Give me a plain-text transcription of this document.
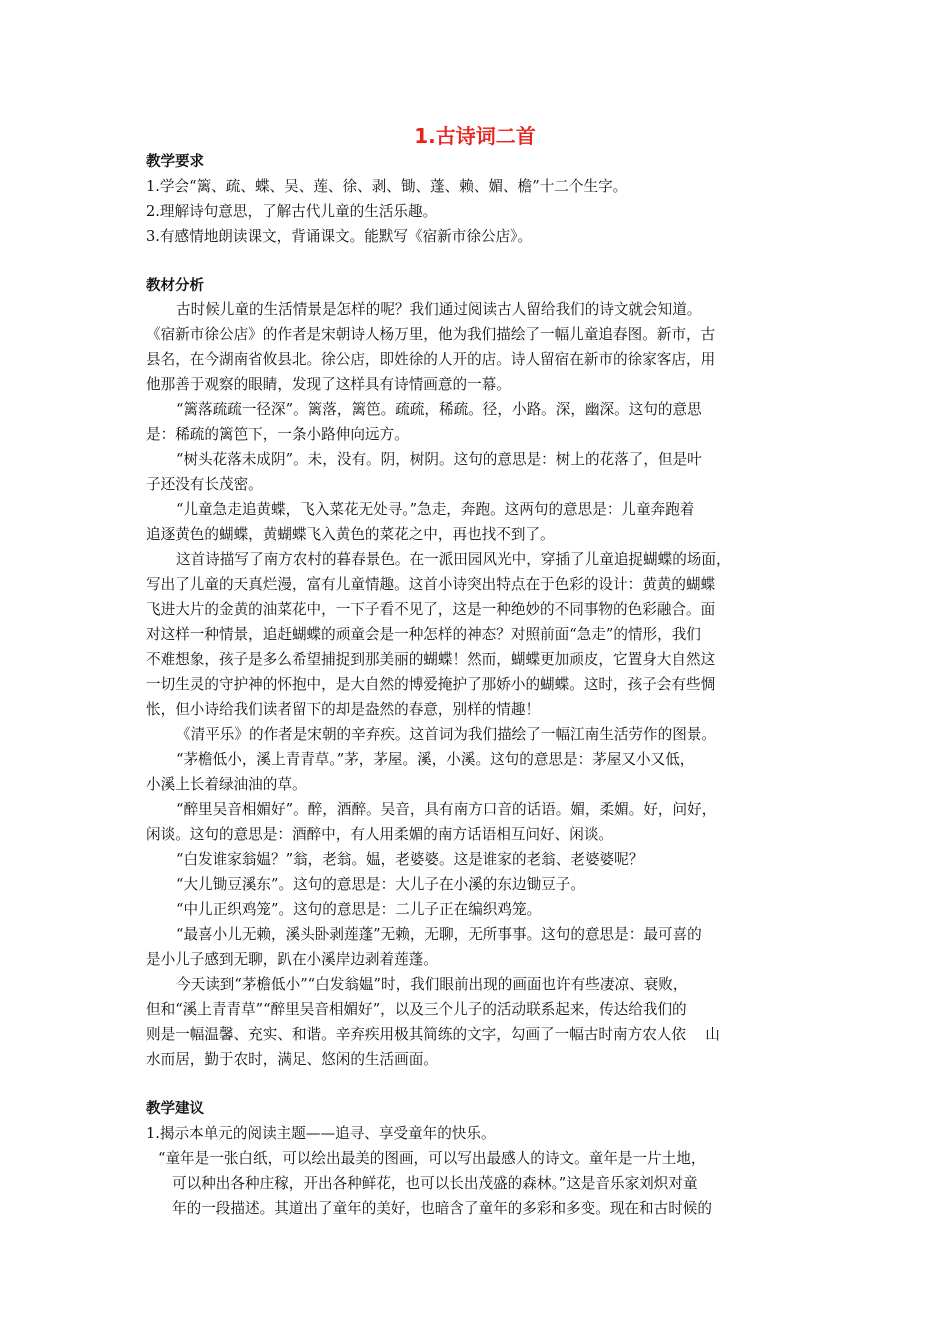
1.古诗词二首
教学要求
1.学会“篱、疏、蝶、吴、莲、徐、剥、锄、蓬、赖、媚、檐”十二个生字。
2.理解诗句意思，了解古代儿童的生活乐趣。
3.有感情地朗读课文，背诵课文。能默写《宿新市徐公店》。
教材分析
古时候儿童的生活情景是怎样的呢？我们通过阅读古人留给我们的诗文就会知道。
《宿新市徐公店》的作者是宋朝诗人杨万里，他为我们描绘了一幅儿童追春图。新市，古
县名，在今湖南省攸县北。徐公店，即姓徐的人开的店。诗人留宿在新市的徐家客店，用
他那善于观察的眼睛，发现了这样具有诗情画意的一幕。
“篱落疏疏一径深”。篱落，篱笆。疏疏，稀疏。径，小路。深，幽深。这句的意思
是：稀疏的篱笆下，一条小路伸向远方。
“树头花落未成阴”。未，没有。阴，树阴。这句的意思是：树上的花落了，但是叶
子还没有长茂密。
“儿童急走追黄蝶，飞入菜花无处寻。”急走，奔跑。这两句的意思是：儿童奔跑着
追逐黄色的蝴蝶，黄蝴蝶飞入黄色的菜花之中，再也找不到了。
这首诗描写了南方农村的暮春景色。在一派田园风光中，穿插了儿童追捉蝴蝶的场面，
写出了儿童的天真烂漫，富有儿童情趣。这首小诗突出特点在于色彩的设计：黄黄的蝴蝶
飞进大片的金黄的油菜花中，一下子看不见了，这是一种绝妙的不同事物的色彩融合。面
对这样一种情景，追赶蝴蝶的顽童会是一种怎样的神态？对照前面“急走”的情形，我们
不难想象，孩子是多么希望捕捉到那美丽的蝴蝶！然而，蝴蝶更加顽皮，它置身大自然这
一切生灵的守护神的怀抱中，是大自然的博爱掩护了那娇小的蝴蝶。这时，孩子会有些惆
怅，但小诗给我们读者留下的却是盎然的春意，别样的情趣！
《清平乐》的作者是宋朝的辛弃疾。这首词为我们描绘了一幅江南生活劳作的图景。
“茅檐低小，溪上青青草。”茅，茅屋。溪，小溪。这句的意思是：茅屋又小又低，
小溪上长着绿油油的草。
“醉里吴音相媚好”。醉，酒醉。吴音，具有南方口音的话语。媚，柔媚。好，问好，
闲谈。这句的意思是：酒醉中，有人用柔媚的南方话语相互问好、闲谈。
“白发谁家翁媪？”翁，老翁。媪，老婆婆。这是谁家的老翁、老婆婆呢？
“大儿锄豆溪东”。这句的意思是：大儿子在小溪的东边锄豆子。
“中儿正织鸡笼”。这句的意思是：二儿子正在编织鸡笼。
“最喜小儿无赖，溪头卧剥莲蓬”无赖，无聊，无所事事。这句的意思是：最可喜的
是小儿子感到无聊，趴在小溪岸边剥着莲蓬。
今天读到“茅檐低小”“白发翁媪”时，我们眼前出现的画面也许有些凄凉、衰败，
但和“溪上青青草”“醉里吴音相媚好”，以及三个儿子的活动联系起来，传达给我们的
则是一幅温馨、充实、和谐。辛弃疾用极其简练的文字，勾画了一幅古时南方农人依　 山
水而居，勤于农时，满足、悠闲的生活画面。
教学建议
1.揭示本单元的阅读主题——追寻、享受童年的快乐。
“童年是一张白纸，可以绘出最美的图画，可以写出最感人的诗文。童年是一片土地，
可以种出各种庄稼，开出各种鲜花，也可以长出茂盛的森林。”这是音乐家刘炽对童
年的一段描述。其道出了童年的美好，也暗含了童年的多彩和多变。现在和古时候的
